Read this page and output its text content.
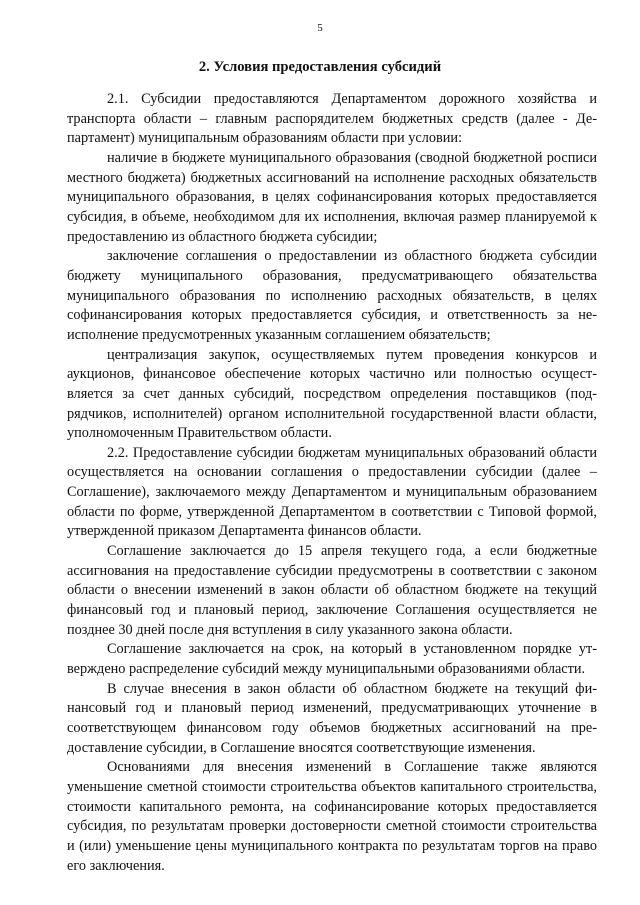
5
2. Условия предоставления субсидий

2.1. Субсидии предоставляются Департаментом дорожного хозяйства и транспорта области – главным распорядителем бюджетных средств (далее - Департамент) муниципальным образованиям области при условии:

наличие в бюджете муниципального образования (сводной бюджетной росписи местного бюджета) бюджетных ассигнований на исполнение расходных обязательств муниципального образования, в целях софинансирования которых предоставляется субсидия, в объеме, необходимом для их исполнения, включая размер планируемой к предоставлению из областного бюджета субсидии;

заключение соглашения о предоставлении из областного бюджета субсидии бюджету муниципального образования, предусматривающего обязательства муниципального образования по исполнению расходных обязательств, в целях софинансирования которых предоставляется субсидия, и ответственность за неисполнение предусмотренных указанным соглашением обязательств;

централизация закупок, осуществляемых путем проведения конкурсов и аукционов, финансовое обеспечение которых частично или полностью осуществляется за счет данных субсидий, посредством определения поставщиков (подрядчиков, исполнителей) органом исполнительной государственной власти области, уполномоченным Правительством области.

2.2. Предоставление субсидии бюджетам муниципальных образований области осуществляется на основании соглашения о предоставлении субсидии (далее – Соглашение), заключаемого между Департаментом и муниципальным образованием области по форме, утвержденной Департаментом в соответствии с Типовой формой, утвержденной приказом Департамента финансов области.

Соглашение заключается до 15 апреля текущего года, а если бюджетные ассигнования на предоставление субсидии предусмотрены в соответствии с законом области о внесении изменений в закон области об областном бюджете на текущий финансовый год и плановый период, заключение Соглашения осуществляется не позднее 30 дней после дня вступления в силу указанного закона области.

Соглашение заключается на срок, на который в установленном порядке утверждено распределение субсидий между муниципальными образованиями области.

В случае внесения в закон области об областном бюджете на текущий финансовый год и плановый период изменений, предусматривающих уточнение в соответствующем финансовом году объемов бюджетных ассигнований на предоставление субсидии, в Соглашение вносятся соответствующие изменения.

Основаниями для внесения изменений в Соглашение также являются уменьшение сметной стоимости строительства объектов капитального строительства, стоимости капитального ремонта, на софинансирование которых предоставляется субсидия, по результатам проверки достоверности сметной стоимости строительства и (или) уменьшение цены муниципального контракта по результатам торгов на право его заключения.
